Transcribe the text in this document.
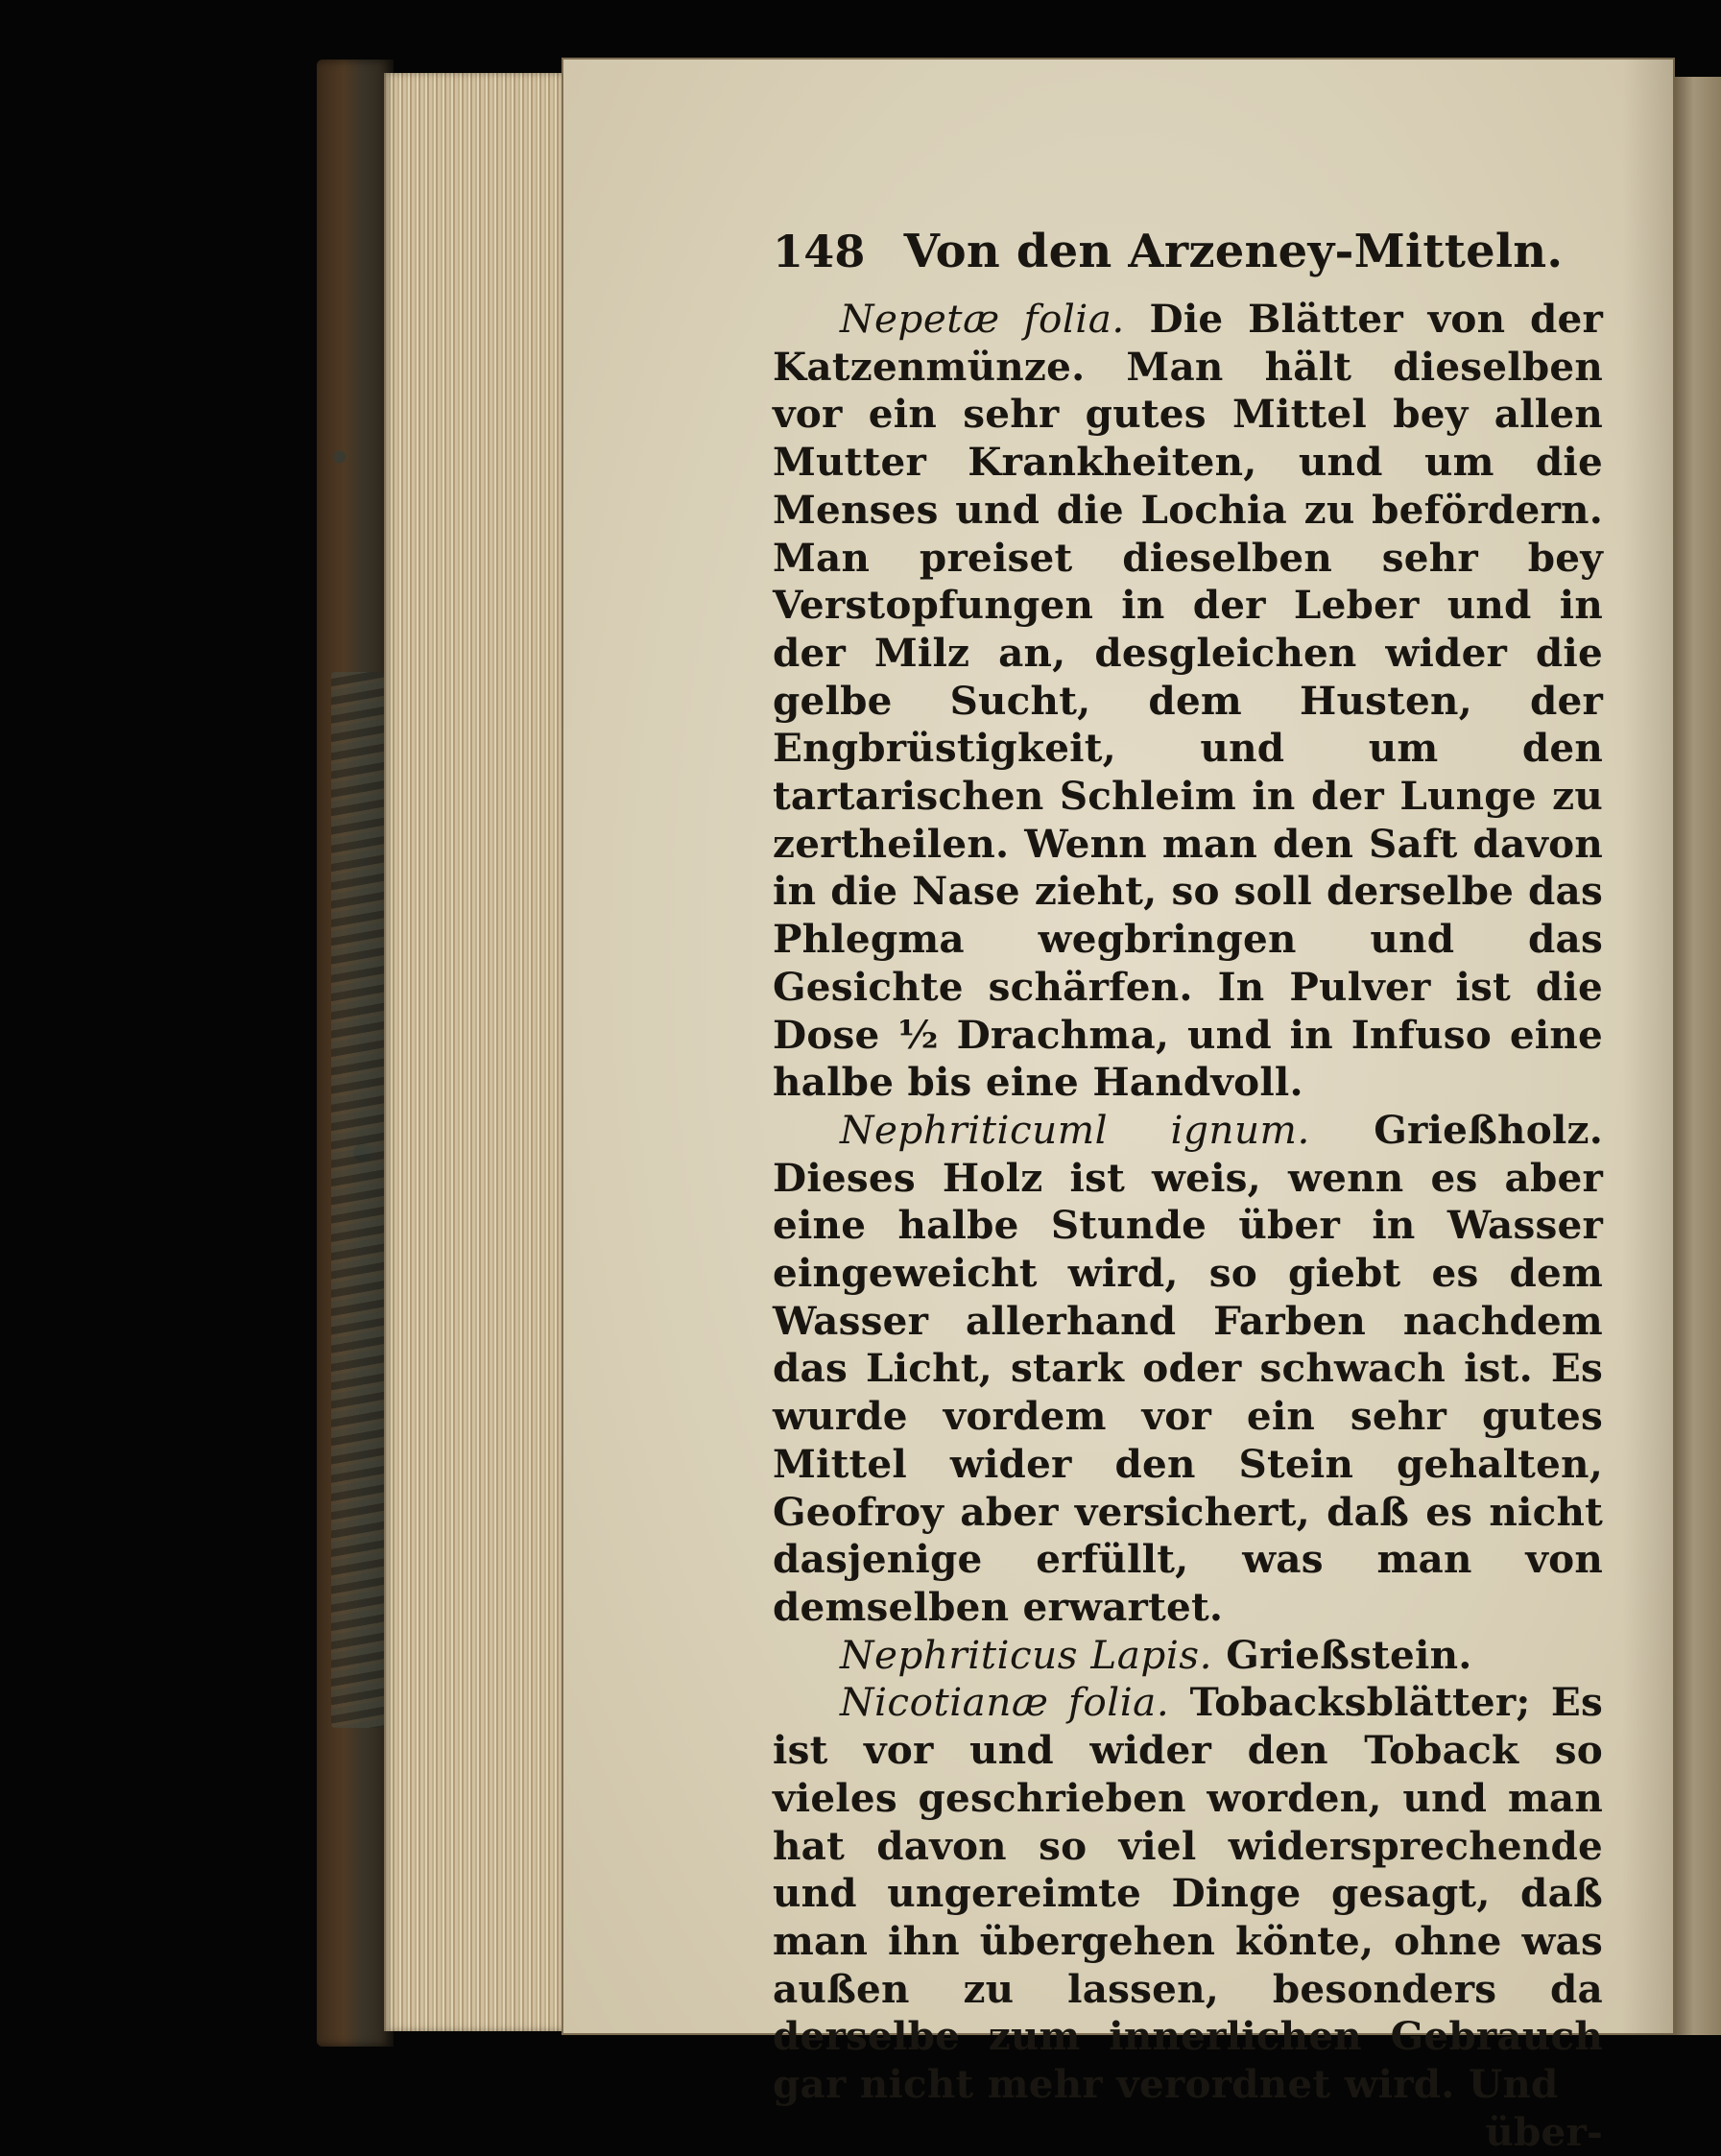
148 Von den Arzeney-Mitteln.

Nepetæ folia. Die Blätter von der Katzenmünze. Man hält dieselben vor ein sehr gutes Mittel bey allen Mutter Krankheiten, und um die Menses und die Lochia zu befördern. Man preiset dieselben sehr bey Verstopfungen in der Leber und in der Milz an, desgleichen wider die gelbe Sucht, dem Husten, der Engbrüstigkeit, und um den tartarischen Schleim in der Lunge zu zertheilen. Wenn man den Saft davon in die Nase zieht, so soll derselbe das Phlegma wegbringen und das Gesichte schärfen. In Pulver ist die Dose ½ Drachma, und in Infuso eine halbe bis eine Handvoll.

Nephriticuml ignum. Grießholz. Dieses Holz ist weis, wenn es aber eine halbe Stunde über in Wasser eingeweicht wird, so giebt es dem Wasser allerhand Farben nachdem das Licht, stark oder schwach ist. Es wurde vordem vor ein sehr gutes Mittel wider den Stein gehalten, Geofroy aber versichert, daß es nicht dasjenige erfüllt, was man von demselben erwartet.

Nephriticus Lapis. Grießstein.

Nicotianæ folia. Tobacksblätter; Es ist vor und wider den Toback so vieles geschrieben worden, und man hat davon so viel widersprechende und ungereimte Dinge gesagt, daß man ihn übergehen könte, ohne was außen zu lassen, besonders da derselbe zum innerlichen Gebrauch gar nicht mehr verordnet wird. Und

über-
